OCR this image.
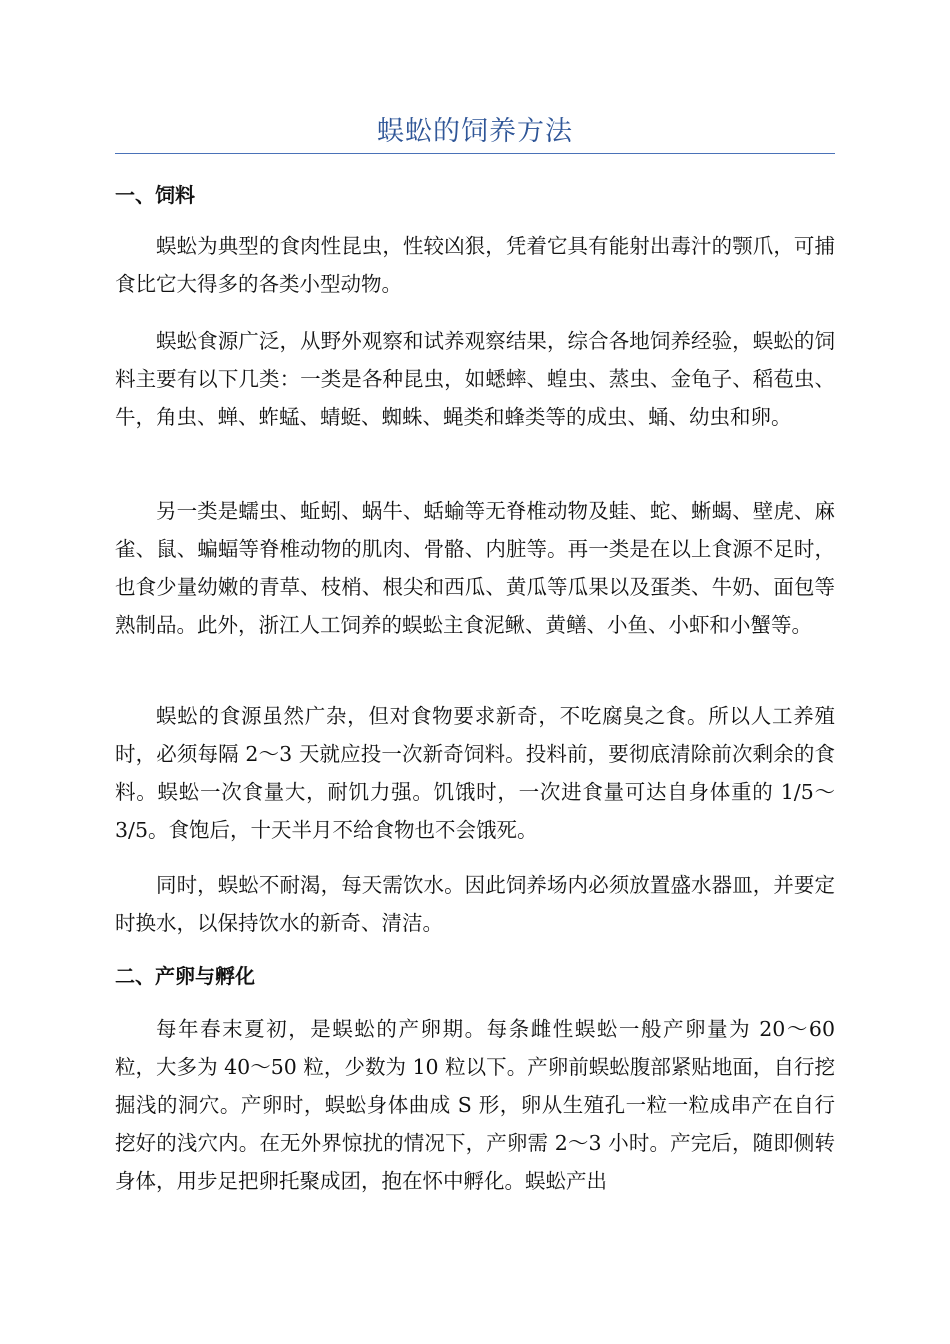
蜈蚣的饲养方法
一、饲料

蜈蚣为典型的食肉性昆虫，性较凶狠，凭着它具有能射出毒汁的颚爪，可捕食比它大得多的各类小型动物。

蜈蚣食源广泛，从野外观察和试养观察结果，综合各地饲养经验，蜈蚣的饲料主要有以下几类：一类是各种昆虫，如蟋蟀、蝗虫、蒸虫、金龟子、稻苞虫、牛，角虫、蝉、蚱蜢、蜻蜓、蜘蛛、蝇类和蜂类等的成虫、蛹、幼虫和卵。

另一类是蠕虫、蚯蚓、蜗牛、蛞蝓等无脊椎动物及蛙、蛇、蜥蝎、壁虎、麻雀、鼠、蝙蝠等脊椎动物的肌肉、骨骼、内脏等。再一类是在以上食源不足时，也食少量幼嫩的青草、枝梢、根尖和西瓜、黄瓜等瓜果以及蛋类、牛奶、面包等熟制品。此外，浙江人工饲养的蜈蚣主食泥鳅、黄鳝、小鱼、小虾和小蟹等。

蜈蚣的食源虽然广杂，但对食物要求新奇，不吃腐臭之食。所以人工养殖时，必须每隔 2～3 天就应投一次新奇饲料。投料前，要彻底清除前次剩余的食料。蜈蚣一次食量大，耐饥力强。饥饿时，一次进食量可达自身体重的 1/5～3/5。食饱后，十天半月不给食物也不会饿死。

同时，蜈蚣不耐渴，每天需饮水。因此饲养场内必须放置盛水器皿，并要定时换水，以保持饮水的新奇、清洁。

二、产卵与孵化

每年春末夏初，是蜈蚣的产卵期。每条雌性蜈蚣一般产卵量为 20～60 粒，大多为 40～50 粒，少数为 10 粒以下。产卵前蜈蚣腹部紧贴地面，自行挖掘浅的洞穴。产卵时，蜈蚣身体曲成 S 形，卵从生殖孔一粒一粒成串产在自行挖好的浅穴内。在无外界惊扰的情况下，产卵需 2～3 小时。产完后，随即侧转身体，用步足把卵托聚成团，抱在怀中孵化。蜈蚣产出
